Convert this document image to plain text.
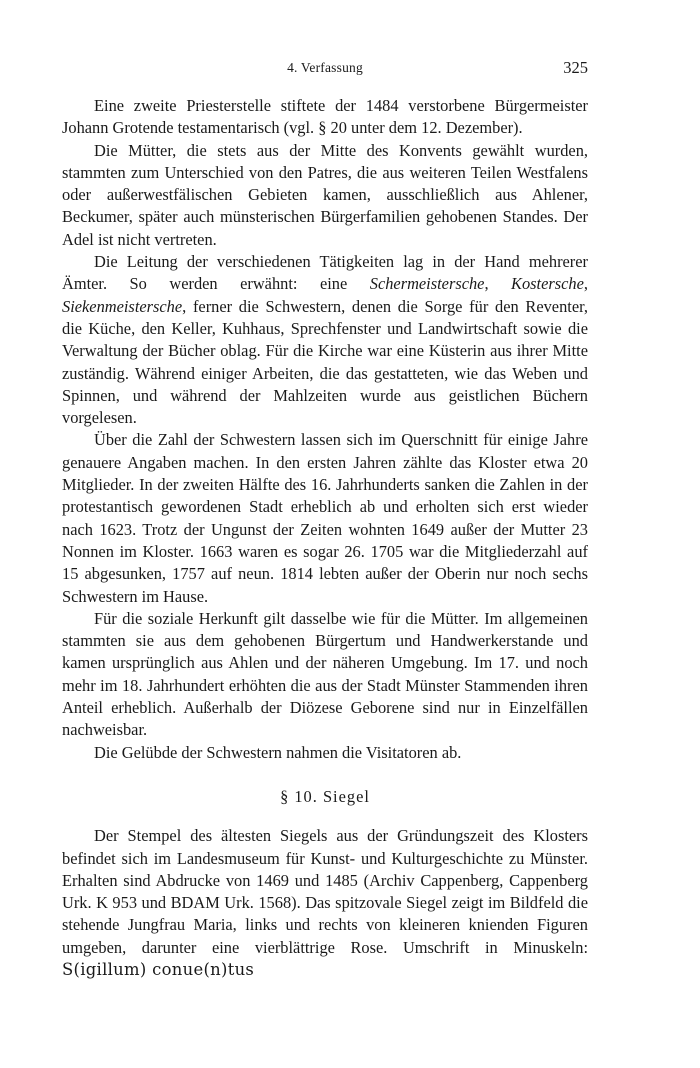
4. Verfassung	325

Eine zweite Priesterstelle stiftete der 1484 verstorbene Bürgermeister Johann Grotende testamentarisch (vgl. § 20 unter dem 12. Dezember).

Die Mütter, die stets aus der Mitte des Konvents gewählt wurden, stammten zum Unterschied von den Patres, die aus weiteren Teilen Westfalens oder außerwestfälischen Gebieten kamen, ausschließlich aus Ahlener, Beckumer, später auch münsterischen Bürgerfamilien gehobenen Standes. Der Adel ist nicht vertreten.

Die Leitung der verschiedenen Tätigkeiten lag in der Hand mehrerer Ämter. So werden erwähnt: eine Schermeistersche, Kostersche, Siekenmeistersche, ferner die Schwestern, denen die Sorge für den Reventer, die Küche, den Keller, Kuhhaus, Sprechfenster und Landwirtschaft sowie die Verwaltung der Bücher oblag. Für die Kirche war eine Küsterin aus ihrer Mitte zuständig. Während einiger Arbeiten, die das gestatteten, wie das Weben und Spinnen, und während der Mahlzeiten wurde aus geistlichen Büchern vorgelesen.

Über die Zahl der Schwestern lassen sich im Querschnitt für einige Jahre genauere Angaben machen. In den ersten Jahren zählte das Kloster etwa 20 Mitglieder. In der zweiten Hälfte des 16. Jahrhunderts sanken die Zahlen in der protestantisch gewordenen Stadt erheblich ab und erholten sich erst wieder nach 1623. Trotz der Ungunst der Zeiten wohnten 1649 außer der Mutter 23 Nonnen im Kloster. 1663 waren es sogar 26. 1705 war die Mitgliederzahl auf 15 abgesunken, 1757 auf neun. 1814 lebten außer der Oberin nur noch sechs Schwestern im Hause.

Für die soziale Herkunft gilt dasselbe wie für die Mütter. Im allgemeinen stammten sie aus dem gehobenen Bürgertum und Handwerkerstande und kamen ursprünglich aus Ahlen und der näheren Umgebung. Im 17. und noch mehr im 18. Jahrhundert erhöhten die aus der Stadt Münster Stammenden ihren Anteil erheblich. Außerhalb der Diözese Geborene sind nur in Einzelfällen nachweisbar.

Die Gelübde der Schwestern nahmen die Visitatoren ab.

§ 10. Siegel

Der Stempel des ältesten Siegels aus der Gründungszeit des Klosters befindet sich im Landesmuseum für Kunst- und Kulturgeschichte zu Münster. Erhalten sind Abdrucke von 1469 und 1485 (Archiv Cappenberg, Cappenberg Urk. K 953 und BDAM Urk. 1568). Das spitzovale Siegel zeigt im Bildfeld die stehende Jungfrau Maria, links und rechts von kleineren knienden Figuren umgeben, darunter eine vierblättrige Rose. Umschrift in Minuskeln: S(igillum) conue(n)tus
